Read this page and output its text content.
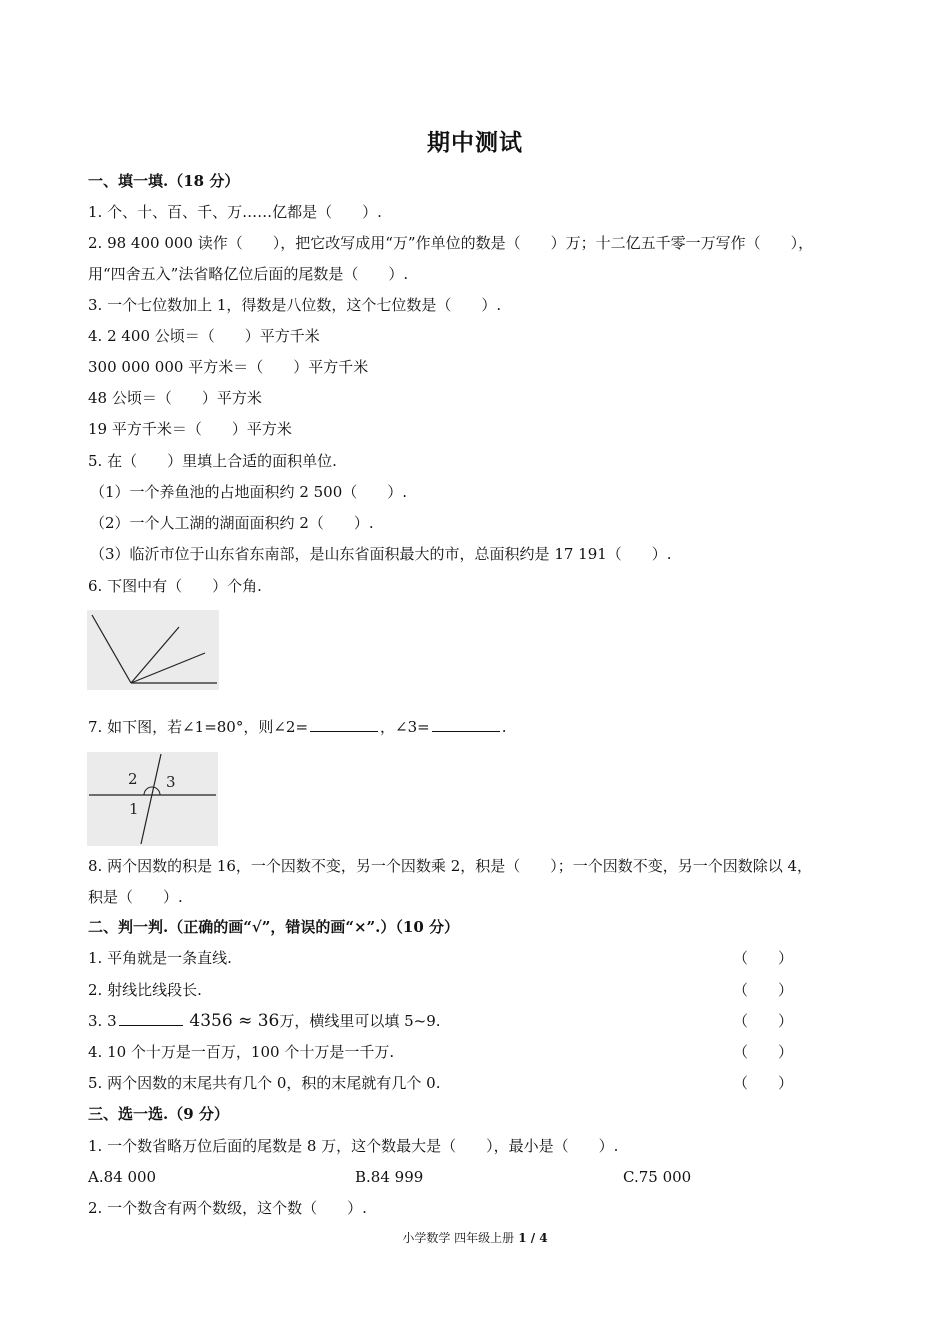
期中测试
一、填一填.（18 分）
1. 个、十、百、千、万……亿都是（　　）.
2. 98 400 000 读作（　　），把它改写成用“万”作单位的数是（　　）万；十二亿五千零一万写作（　　），
用“四舍五入”法省略亿位后面的尾数是（　　）.
3. 一个七位数加上 1，得数是八位数，这个七位数是（　　）.
4. 2 400 公顷＝（　　）平方千米
300 000 000 平方米＝（　　）平方千米
48 公顷＝（　　）平方米
19 平方千米＝（　　）平方米
5. 在（　　）里填上合适的面积单位.
（1）一个养鱼池的占地面积约 2 500（　　）.
（2）一个人工湖的湖面面积约 2（　　）.
（3）临沂市位于山东省东南部，是山东省面积最大的市，总面积约是 17 191（　　）.
6. 下图中有（　　）个角.
7. 如下图，若∠1=80°，则∠2=	，∠3=	.
2 3
1
8. 两个因数的积是 16，一个因数不变，另一个因数乘 2，积是（　　）；一个因数不变，另一个因数除以 4，
积是（　　）.
二、判一判.（正确的画“√”，错误的画“×”.）（10 分）
1. 平角就是一条直线.	（　　）
2. 射线比线段长.	（　　）
3. 3	4356 ≈ 36万，横线里可以填 5~9.	（　　）
4. 10 个十万是一百万，100 个十万是一千万.	（　　）
5. 两个因数的末尾共有几个 0，积的末尾就有几个 0.	（　　）
三、选一选.（9 分）
1. 一个数省略万位后面的尾数是 8 万，这个数最大是（　　），最小是（　　）.
A.84 000	B.84 999	C.75 000
2. 一个数含有两个数级，这个数（　　）.
小学数学 四年级上册 1 / 4
